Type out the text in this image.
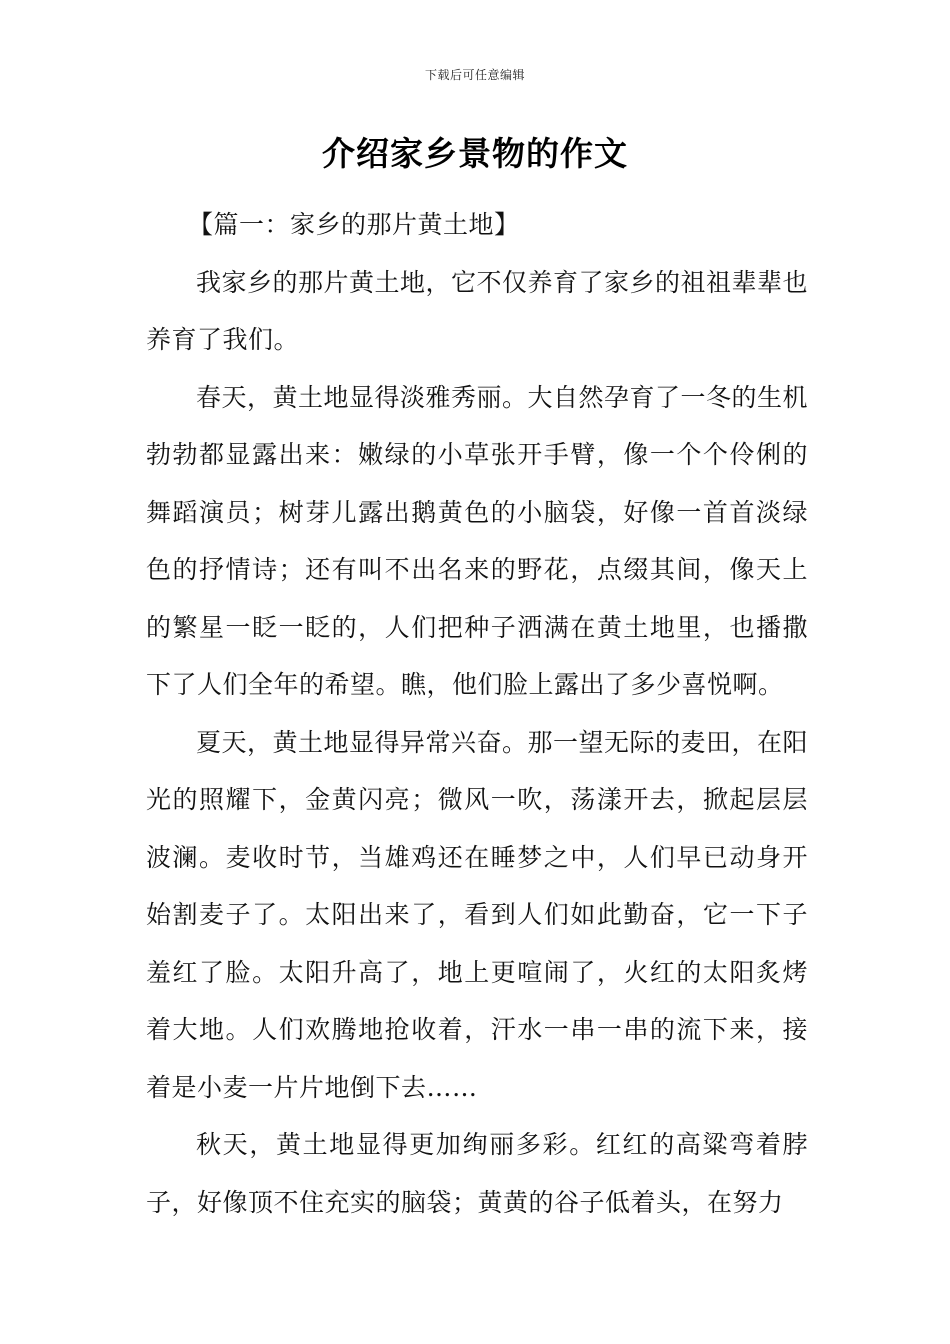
下载后可任意编辑
介绍家乡景物的作文

【篇一：家乡的那片黄土地】

我家乡的那片黄土地，它不仅养育了家乡的祖祖辈辈也养育了我们。

春天，黄土地显得淡雅秀丽。大自然孕育了一冬的生机勃勃都显露出来：嫩绿的小草张开手臂，像一个个伶俐的舞蹈演员；树芽儿露出鹅黄色的小脑袋，好像一首首淡绿色的抒情诗；还有叫不出名来的野花，点缀其间，像天上的繁星一眨一眨的，人们把种子洒满在黄土地里，也播撒下了人们全年的希望。瞧，他们脸上露出了多少喜悦啊。

夏天，黄土地显得异常兴奋。那一望无际的麦田，在阳光的照耀下，金黄闪亮；微风一吹，荡漾开去，掀起层层波澜。麦收时节，当雄鸡还在睡梦之中，人们早已动身开始割麦子了。太阳出来了，看到人们如此勤奋，它一下子羞红了脸。太阳升高了，地上更喧闹了，火红的太阳炙烤着大地。人们欢腾地抢收着，汗水一串一串的流下来，接着是小麦一片片地倒下去……

秋天，黄土地显得更加绚丽多彩。红红的高粱弯着脖子，好像顶不住充实的脑袋；黄黄的谷子低着头，在努力
